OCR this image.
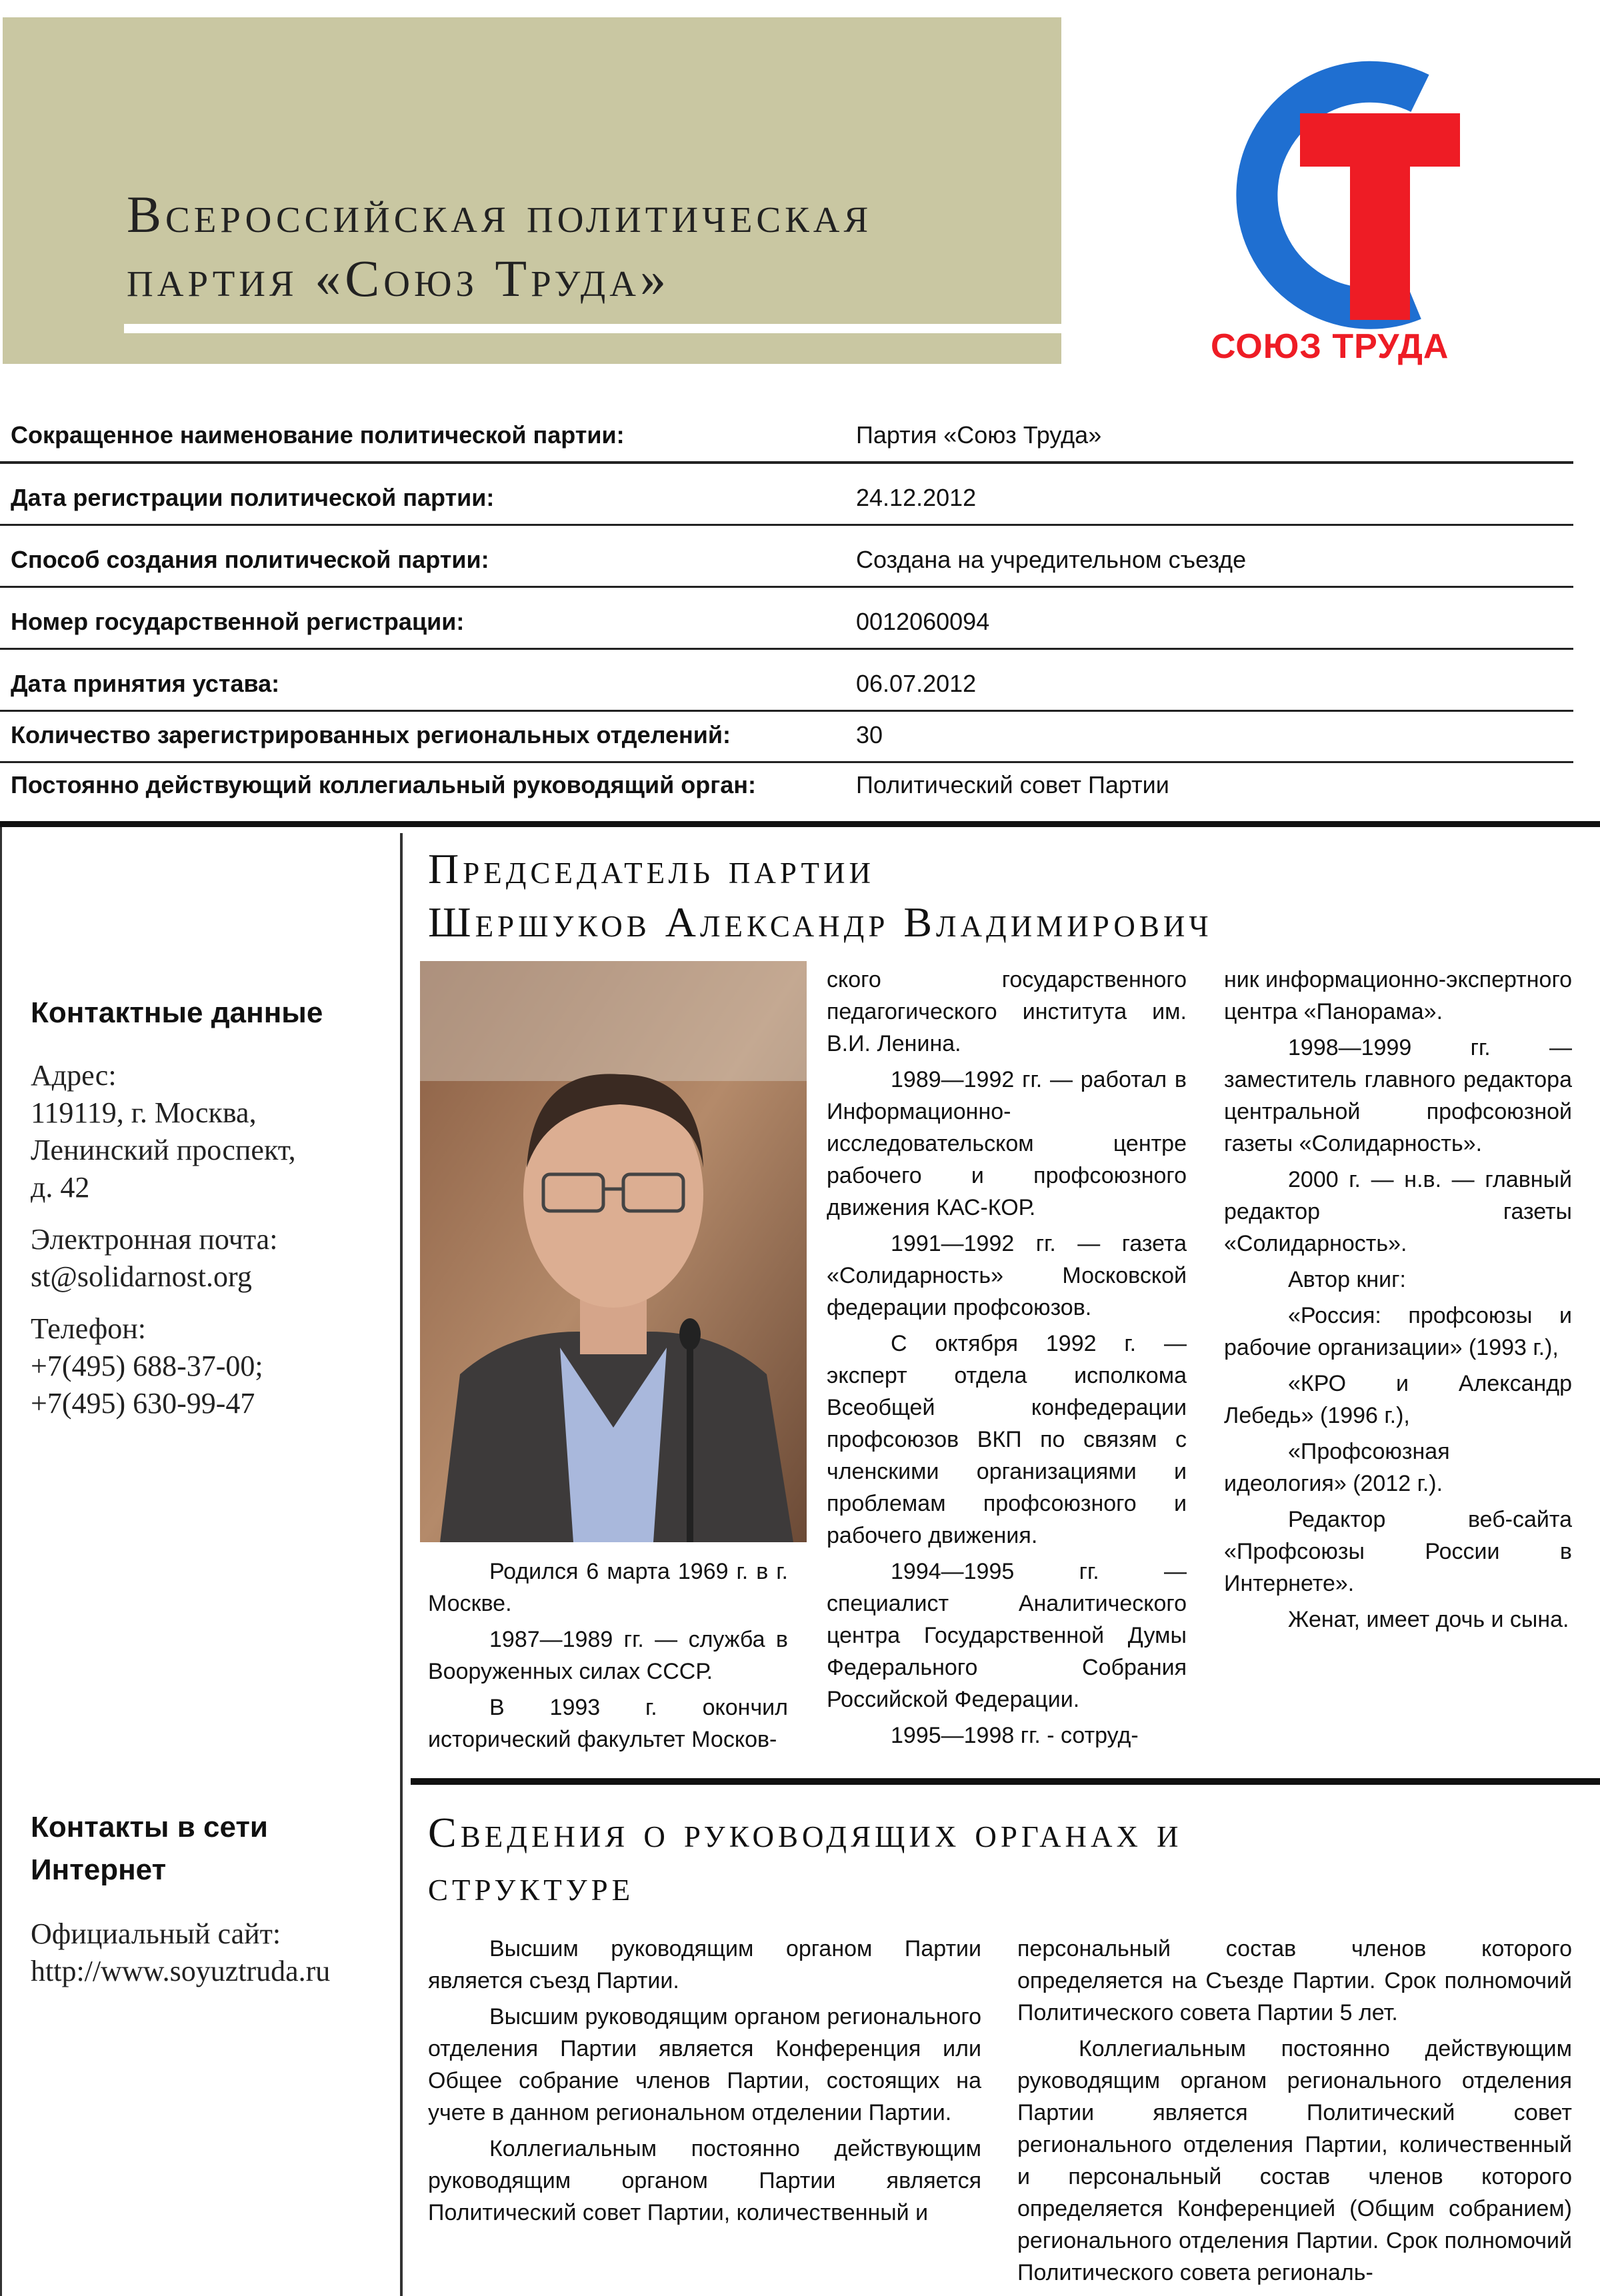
Всероссийская политическая
партия «Союз Труда»
СОЮЗ ТРУДА
Сокращенное наименование политической партии:	Партия «Союз Труда»
Дата регистрации политической партии:	24.12.2012
Способ создания политической партии:	Создана на учредительном съезде
Номер государственной регистрации:	0012060094
Дата принятия устава:	06.07.2012
Количество зарегистрированных региональных отделений:	30
Постоянно действующий коллегиальный руководящий орган:	Политический совет Партии
Контактные данные
Адрес:
119119, г. Москва,
Ленинский проспект,
д. 42
Электронная почта:
st@solidarnost.org
Телефон:
+7(495) 688-37-00;
+7(495) 630-99-47
Контакты в сети
Интернет
Официальный сайт:
http://www.soyuztruda.ru
Председатель партии
Шершуков Александр Владимирович

Родился 6 марта 1969 г. в г. Москве.

1987—1989 гг. — служба в Вооруженных силах СССР.

В 1993 г. окончил исторический факультет Москов-

ского государственного педагогического института им. В.И. Ленина.

1989—1992 гг. — работал в Информационно-исследовательском центре рабочего и профсоюзного движения КАС-КОР.

1991—1992 гг. — газета «Солидарность» Московской федерации профсоюзов.

С октября 1992 г. — эксперт отдела исполкома Всеобщей конфедерации профсоюзов ВКП по связям с членскими организациями и проблемам профсоюзного и рабочего движения.

1994—1995 гг. — специалист Аналитического центра Государственной Думы Федерального Собрания Российской Федерации.

1995—1998 гг. - сотруд-

ник информационно-экспертного центра «Панорама».

1998—1999 гг. — заместитель главного редактора центральной профсоюзной газеты «Солидарность».

2000 г. — н.в. — главный редактор газеты «Солидарность».

Автор книг:

«Россия: профсоюзы и рабочие организации» (1993 г.),

«КРО и Александр Лебедь» (1996 г.),

«Профсоюзная идеология» (2012 г.).

Редактор веб-сайта «Профсоюзы России в Интернете».

Женат, имеет дочь и сына.

Сведения о руководящих органах и
структуре

Высшим руководящим органом Партии является съезд Партии.

Высшим руководящим органом регионального отделения Партии является Конференция или Общее собрание членов Партии, состоящих на учете в данном региональном отделении Партии.

Коллегиальным постоянно действующим руководящим органом Партии является Политический совет Партии, количественный и

персональный состав членов которого определяется на Съезде Партии. Срок полномочий Политического совета Партии 5 лет.

Коллегиальным постоянно действующим руководящим органом регионального отделения Партии является Политический совет регионального отделения Партии, количественный и персональный состав членов которого определяется Конференцией (Общим собранием) регионального отделения Партии. Срок полномочий Политического совета региональ-
